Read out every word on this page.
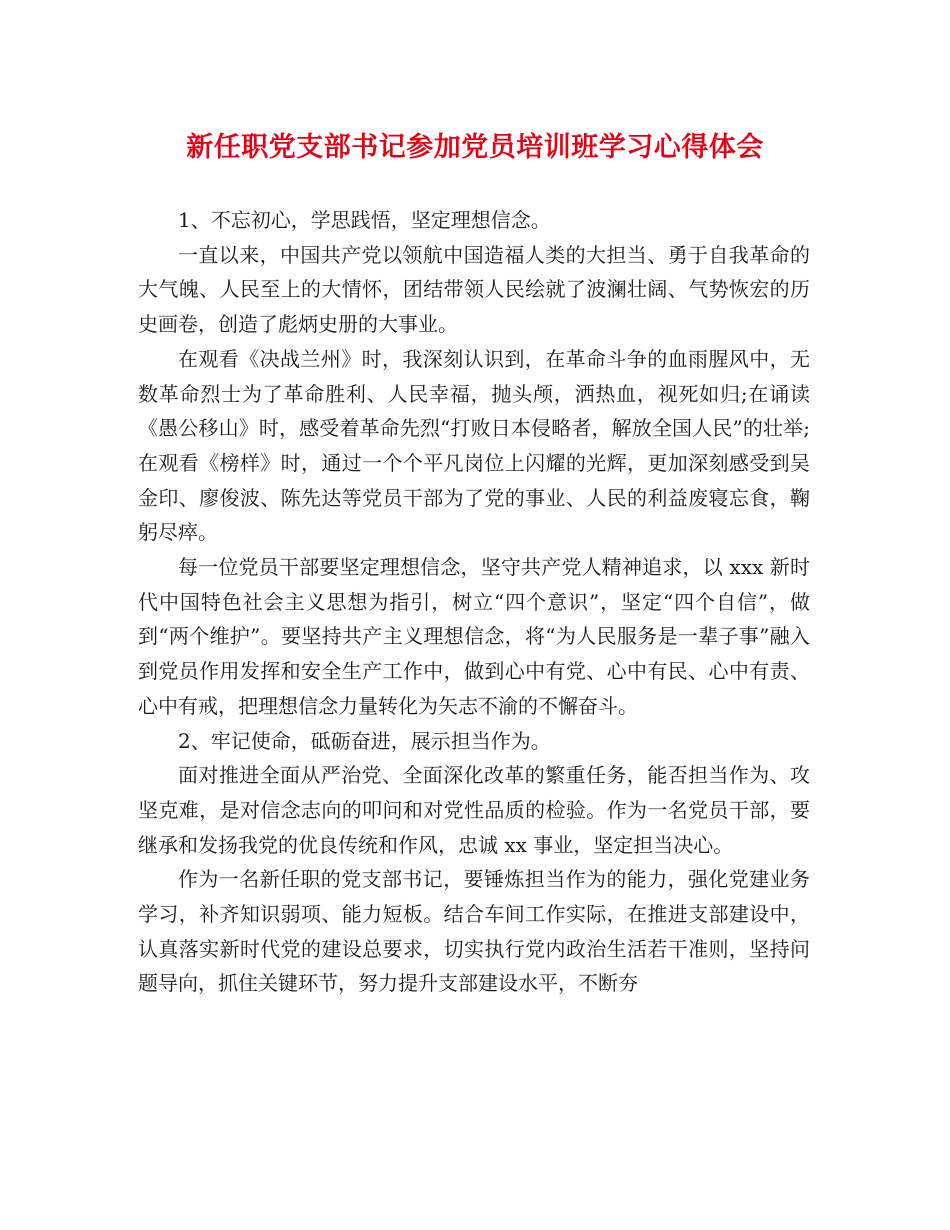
新任职党支部书记参加党员培训班学习心得体会

1、不忘初心，学思践悟，坚定理想信念。

一直以来，中国共产党以领航中国造福人类的大担当、勇于自我革命的大气魄、人民至上的大情怀，团结带领人民绘就了波澜壮阔、气势恢宏的历史画卷，创造了彪炳史册的大事业。

在观看《决战兰州》时，我深刻认识到，在革命斗争的血雨腥风中，无数革命烈士为了革命胜利、人民幸福，抛头颅，洒热血，视死如归;在诵读《愚公移山》时，感受着革命先烈“打败日本侵略者，解放全国人民”的壮举;在观看《榜样》时，通过一个个平凡岗位上闪耀的光辉，更加深刻感受到吴金印、廖俊波、陈先达等党员干部为了党的事业、人民的利益废寝忘食，鞠躬尽瘁。

每一位党员干部要坚定理想信念，坚守共产党人精神追求，以 xxx 新时代中国特色社会主义思想为指引，树立“四个意识”，坚定“四个自信”，做到“两个维护”。要坚持共产主义理想信念，将“为人民服务是一辈子事”融入到党员作用发挥和安全生产工作中，做到心中有党、心中有民、心中有责、心中有戒，把理想信念力量转化为矢志不渝的不懈奋斗。

2、牢记使命，砥砺奋进，展示担当作为。

面对推进全面从严治党、全面深化改革的繁重任务，能否担当作为、攻坚克难，是对信念志向的叩问和对党性品质的检验。作为一名党员干部，要继承和发扬我党的优良传统和作风，忠诚 xx 事业，坚定担当决心。

作为一名新任职的党支部书记，要锤炼担当作为的能力，强化党建业务学习，补齐知识弱项、能力短板。结合车间工作实际，在推进支部建设中，认真落实新时代党的建设总要求，切实执行党内政治生活若干准则，坚持问题导向，抓住关键环节，努力提升支部建设水平，不断夯
